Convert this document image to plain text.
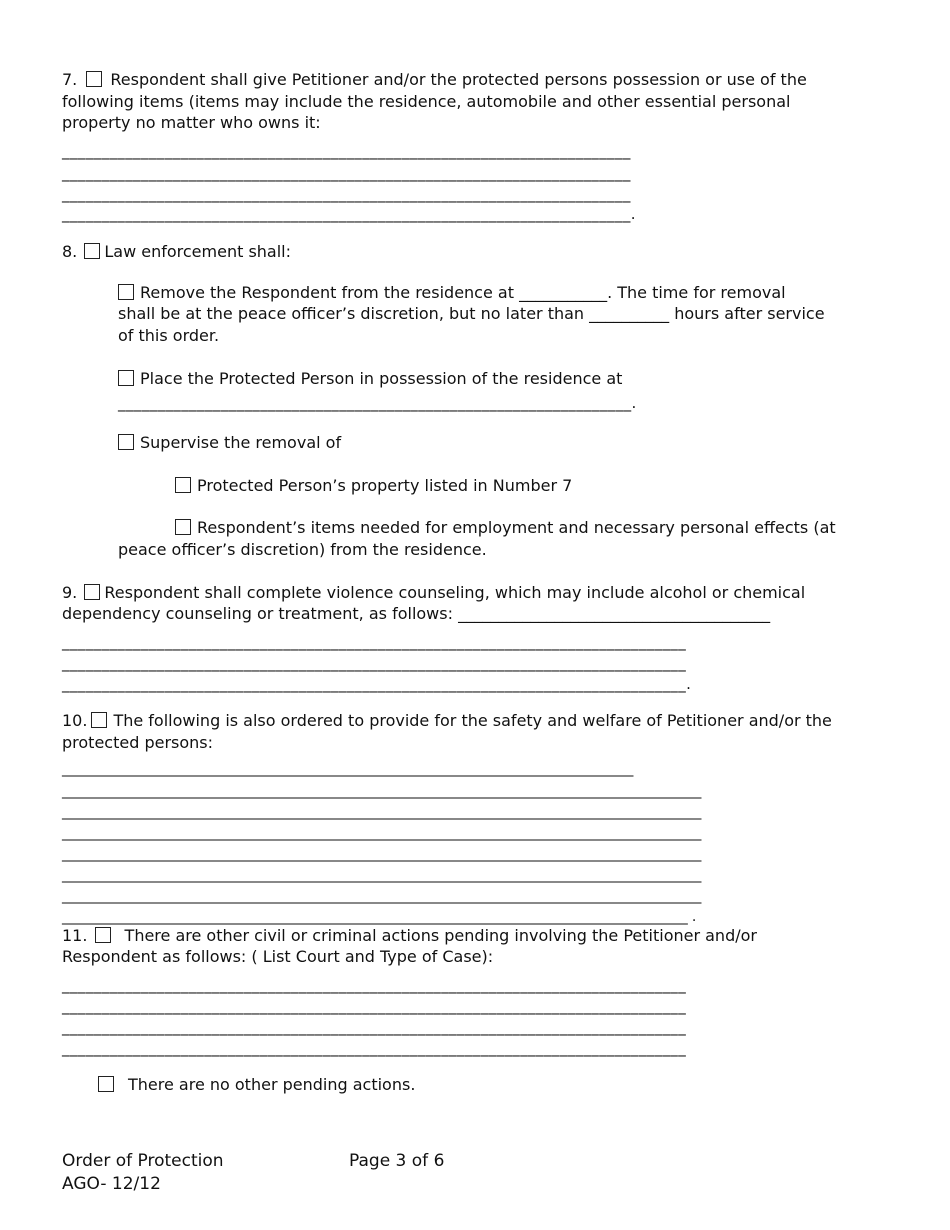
7. Respondent shall give Petitioner and/or the protected persons possession or use of the
following items (items may include the residence, automobile and other essential personal
property no matter who owns it:
________________________________________________________________________
________________________________________________________________________
________________________________________________________________________
________________________________________________________________________.
8. Law enforcement shall:
Remove the Respondent from the residence at ___________. The time for removal
shall be at the peace officer’s discretion, but no later than __________ hours after service
of this order.
Place the Protected Person in possession of the residence at
_________________________________________________________________.
Supervise the removal of
Protected Person’s property listed in Number 7
Respondent’s items needed for employment and necessary personal effects (at
peace officer’s discretion) from the residence.
9. Respondent shall complete violence counseling, which may include alcohol or chemical
dependency counseling or treatment, as follows: _______________________________________
_______________________________________________________________________________
_______________________________________________________________________________
_______________________________________________________________________________.
10. The following is also ordered to provide for the safety and welfare of Petitioner and/or the
protected persons:
____________________________________________________________________________________
______________________________________________________________________________________________
______________________________________________________________________________________________
______________________________________________________________________________________________
______________________________________________________________________________________________
______________________________________________________________________________________________
______________________________________________________________________________________________
____________________________________________________________________________________________ .
11. There are other civil or criminal actions pending involving the Petitioner and/or
Respondent as follows: ( List Court and Type of Case):
_______________________________________________________________________________
_______________________________________________________________________________
_______________________________________________________________________________
_______________________________________________________________________________
There are no other pending actions.
Order of Protection
AGO- 12/12
Page 3 of 6
